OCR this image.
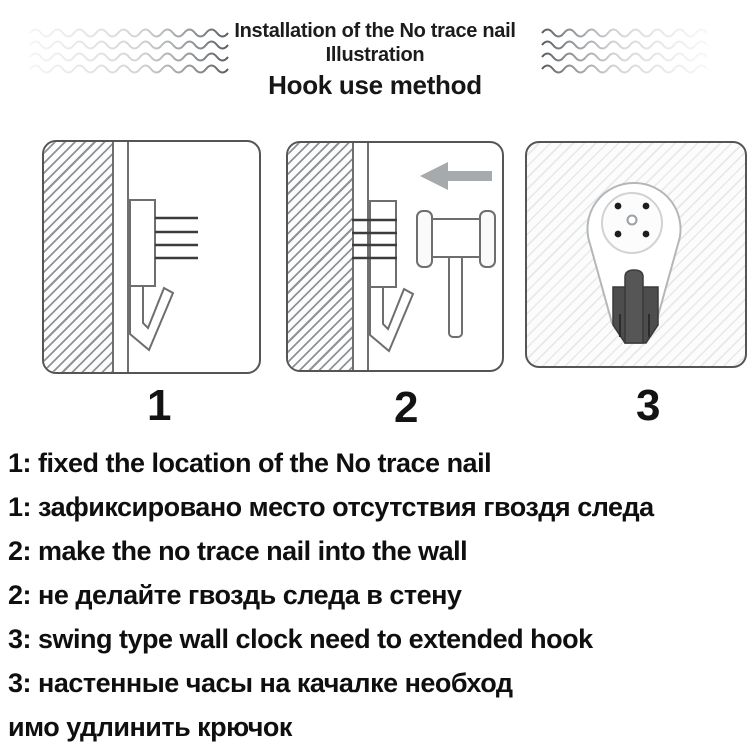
Installation of the No trace nail
Illustration
Hook use method
1	2	3
1: fixed the location of the No trace nail
1: зафиксировано место отсутствия гвоздя следа
2: make the no trace nail into the wall
2: не делайте гвоздь следа в стену
3: swing type wall clock need to extended hook
3: настенные часы на качалке необход
имо удлинить крючок
